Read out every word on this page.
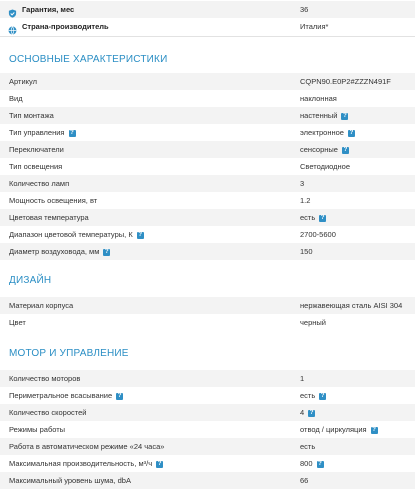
Гарантия, мес	36
Страна-производитель	Италия*
ОСНОВНЫЕ ХАРАКТЕРИСТИКИ
Артикул	CQPN90.E0P2#ZZZN491F
Вид	наклонная
Тип монтажа	настенный ?
Тип управления ?	электронное ?
Переключатели	сенсорные ?
Тип освещения	Светодиодное
Количество ламп	3
Мощность освещения, вт	1.2
Цветовая температура	есть ?
Диапазон цветовой температуры, К ?	2700-5600
Диаметр воздуховода, мм ?	150
ДИЗАЙН
Материал корпуса	нержавеющая сталь AISI 304
Цвет	черный
МОТОР И УПРАВЛЕНИЕ
Количество моторов	1
Периметральное всасывание ?	есть ?
Количество скоростей	4 ?
Режимы работы	отвод / циркуляция ?
Работа в автоматическом режиме «24 часа»	есть
Максимальная производительность, м³/ч ?	800 ?
Максимальный уровень шума, dbA	66
